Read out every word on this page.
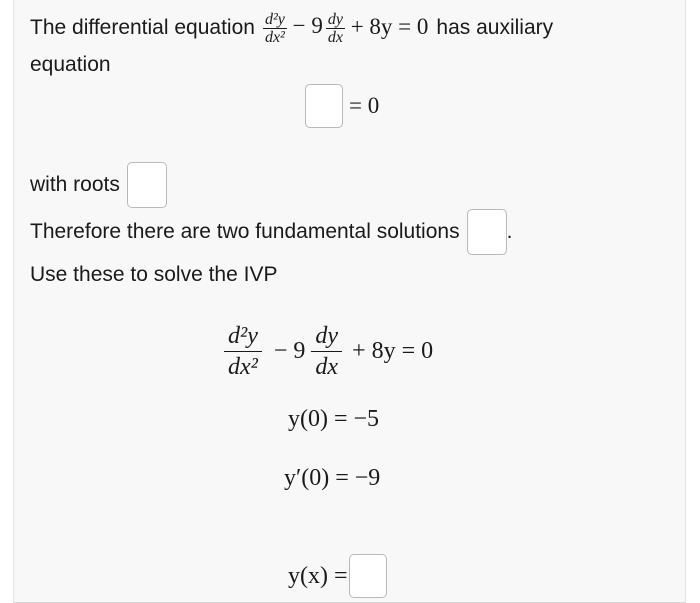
The differential equation $\frac{\text{d²y}}{\text{dx²}} - 9 \frac{dy}{dx} + 8y = 0$ has auxiliary
equation
= 0
with roots
Therefore there are two fundamental solutions .
Use these to solve the IVP
$\frac{\text{d²y}}{\text{dx²}} - 9 \frac{dy}{dx} + 8y = 0$
y(0) = −5
y′(0) = −9
y(x) =
